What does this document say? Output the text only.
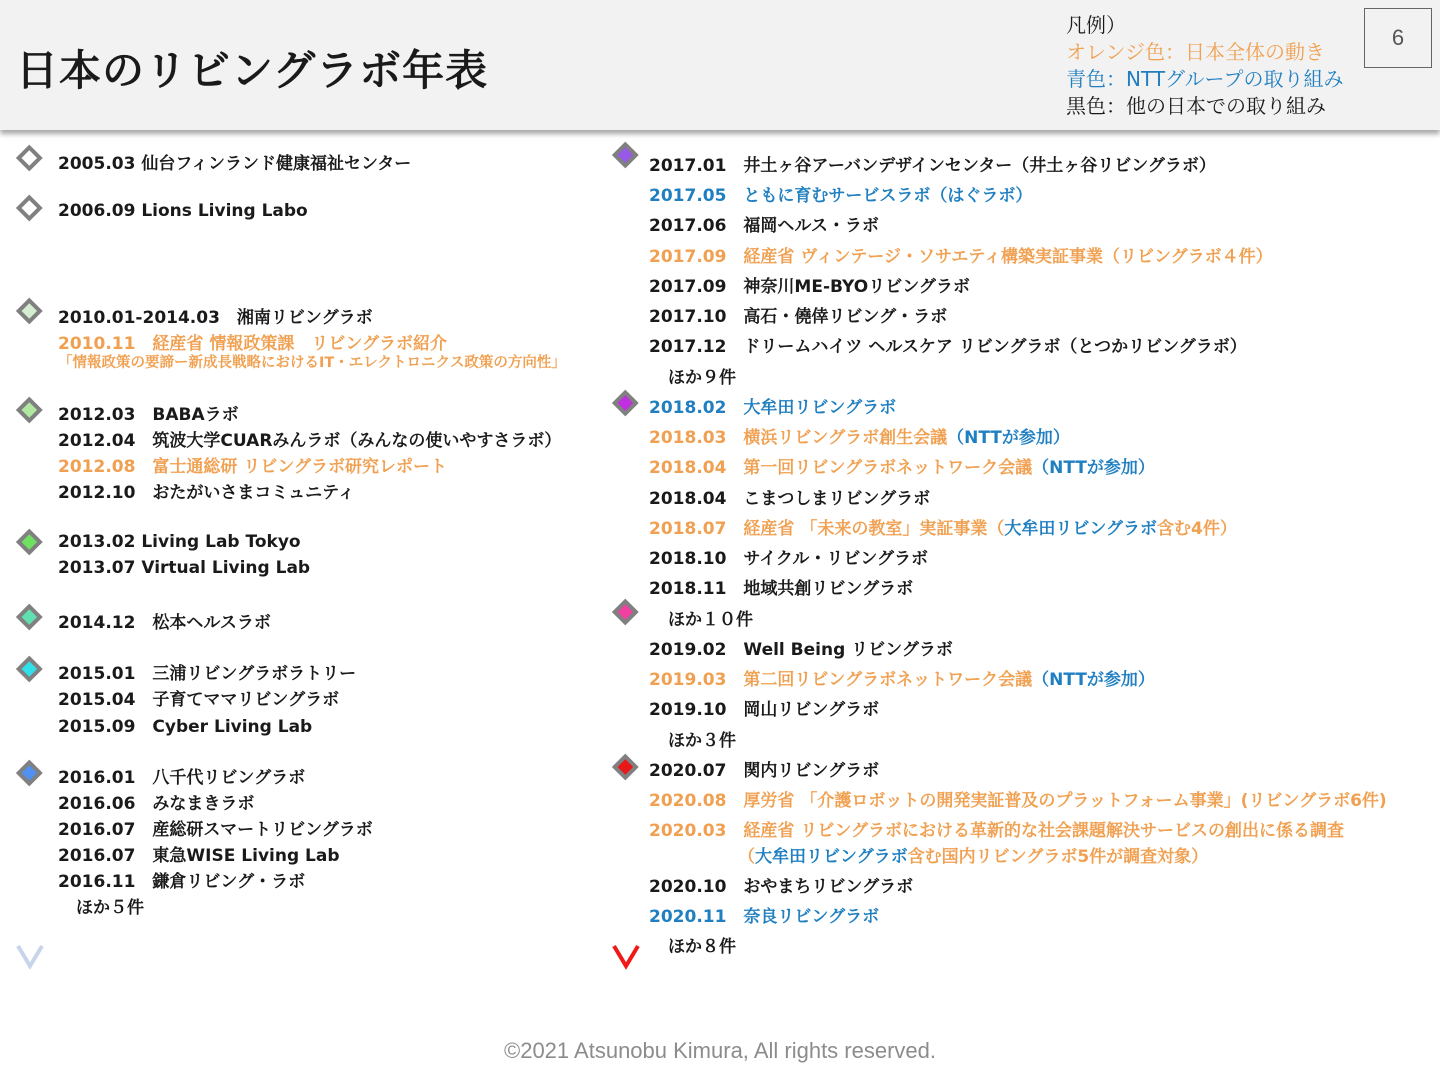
日本のリビングラボ年表
凡例）
オレンジ色：日本全体の動き
青色：NTTグループの取り組み
黒色：他の日本での取り組み
6
2005.03 仙台フィンランド健康福祉センター
2006.09 Lions Living Labo
2010.01-2014.03　湘南リビングラボ
2010.11　経産省 情報政策課　リビングラボ紹介
「情報政策の要諦ー新成長戦略におけるIT・エレクトロニクス政策の方向性」
2012.03　BABAラボ
2012.04　筑波大学CUARみんラボ（みんなの使いやすさラボ）
2012.08　富士通総研 リビングラボ研究レポート
2012.10　おたがいさまコミュニティ
2013.02 Living Lab Tokyo
2013.07 Virtual Living Lab
2014.12　松本ヘルスラボ
2015.01　三浦リビングラボラトリー
2015.04　子育てママリビングラボ
2015.09　Cyber Living Lab
2016.01　八千代リビングラボ
2016.06　みなまきラボ
2016.07　産総研スマートリビングラボ
2016.07　東急WISE Living Lab
2016.11　鎌倉リビング・ラボ
ほか５件
2017.01　井土ヶ谷アーバンデザインセンター（井土ヶ谷リビングラボ）
2017.05　ともに育むサービスラボ（はぐラボ）
2017.06　福岡ヘルス・ラボ
2017.09　経産省 ヴィンテージ・ソサエティ構築実証事業（リビングラボ４件）
2017.09　神奈川ME-BYOリビングラボ
2017.10　高石・僥倖リビング・ラボ
2017.12　ドリームハイツ ヘルスケア リビングラボ（とつかリビングラボ）
ほか９件
2018.02　大牟田リビングラボ
2018.03　横浜リビングラボ創生会議（NTTが参加）
2018.04　第一回リビングラボネットワーク会議（NTTが参加）
2018.04　こまつしまリビングラボ
2018.07　経産省 「未来の教室」実証事業（大牟田リビングラボ含む4件）
2018.10　サイクル・リビングラボ
2018.11　地域共創リビングラボ
ほか１０件
2019.02　Well Being リビングラボ
2019.03　第二回リビングラボネットワーク会議（NTTが参加）
2019.10　岡山リビングラボ
ほか３件
2020.07　関内リビングラボ
2020.08　厚労省 「介護ロボットの開発実証普及のプラットフォーム事業」(リビングラボ6件)
2020.03　経産省 リビングラボにおける革新的な社会課題解決サービスの創出に係る調査
（大牟田リビングラボ含む国内リビングラボ5件が調査対象）
2020.10　おやまちリビングラボ
2020.11　奈良リビングラボ
ほか８件
©2021 Atsunobu Kimura, All rights reserved.
